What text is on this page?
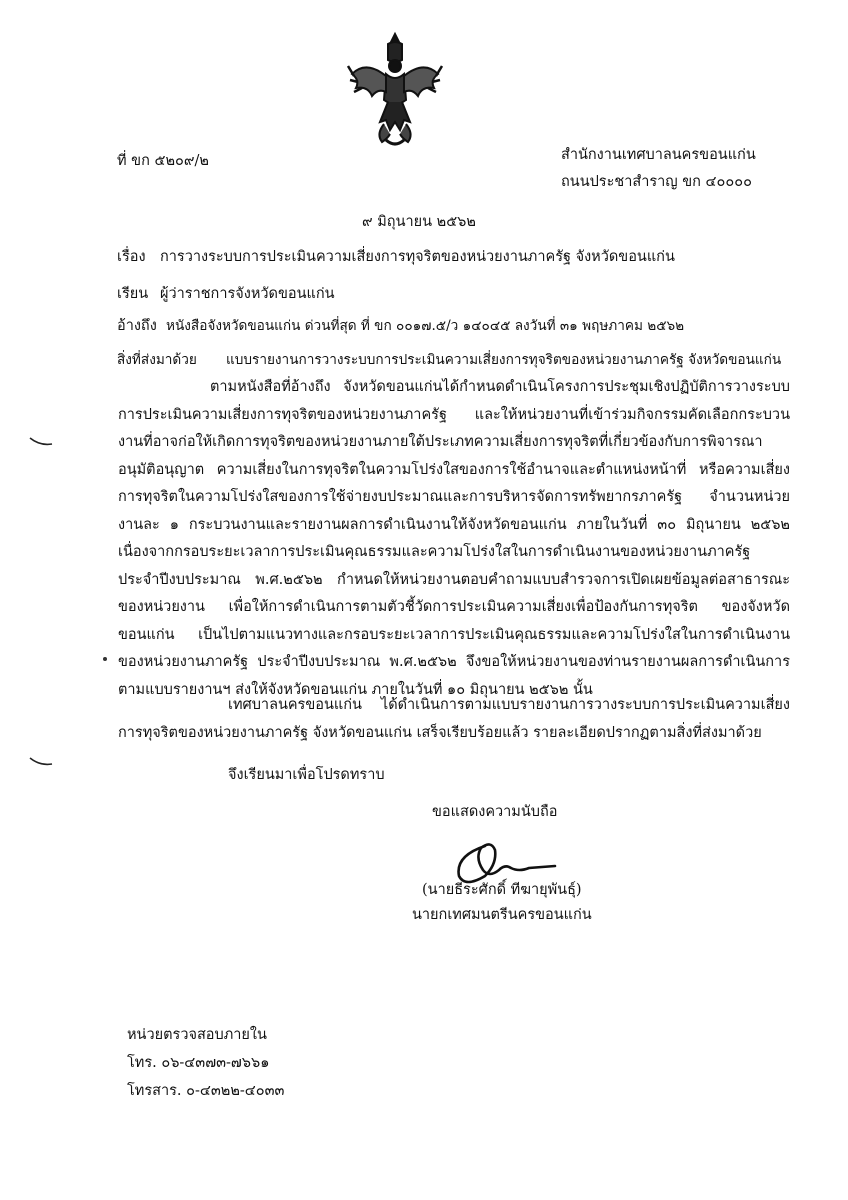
ที่ ขก ๕๒๐๙/๒	สำนักงานเทศบาลนครขอนแก่น
ถนนประชาสำราญ ขก ๔๐๐๐๐
๙ มิถุนายน ๒๕๖๒
เรื่อง การวางระบบการประเมินความเสี่ยงการทุจริตของหน่วยงานภาครัฐ จังหวัดขอนแก่น
เรียน ผู้ว่าราชการจังหวัดขอนแก่น
อ้างถึง หนังสือจังหวัดขอนแก่น ด่วนที่สุด ที่ ขก ๐๐๑๗.๕/ว ๑๔๐๔๕ ลงวันที่ ๓๑ พฤษภาคม ๒๕๖๒
สิ่งที่ส่งมาด้วย แบบรายงานการวางระบบการประเมินความเสี่ยงการทุจริตของหน่วยงานภาครัฐ จังหวัดขอนแก่น
ตามหนังสือที่อ้างถึง จังหวัดขอนแก่นได้กำหนดดำเนินโครงการประชุมเชิงปฏิบัติการวางระบบการประเมินความเสี่ยงการทุจริตของหน่วยงานภาครัฐ และให้หน่วยงานที่เข้าร่วมกิจกรรมคัดเลือกกระบวนงานที่อาจก่อให้เกิดการทุจริตของหน่วยงานภายใต้ประเภทความเสี่ยงการทุจริตที่เกี่ยวข้องกับการพิจารณาอนุมัติอนุญาต ความเสี่ยงในการทุจริตในความโปร่งใสของการใช้อำนาจและตำแหน่งหน้าที่ หรือความเสี่ยงการทุจริตในความโปร่งใสของการใช้จ่ายงบประมาณและการบริหารจัดการทรัพยากรภาครัฐ จำนวนหน่วยงานละ ๑ กระบวนงานและรายงานผลการดำเนินงานให้จังหวัดขอนแก่น ภายในวันที่ ๓๐ มิถุนายน ๒๕๖๒ เนื่องจากกรอบระยะเวลาการประเมินคุณธรรมและความโปร่งใสในการดำเนินงานของหน่วยงานภาครัฐ ประจำปีงบประมาณ พ.ศ.๒๕๖๒ กำหนดให้หน่วยงานตอบคำถามแบบสำรวจการเปิดเผยข้อมูลต่อสาธารณะของหน่วยงาน เพื่อให้การดำเนินการตามตัวชี้วัดการประเมินความเสี่ยงเพื่อป้องกันการทุจริต ของจังหวัดขอนแก่น เป็นไปตามแนวทางและกรอบระยะเวลาการประเมินคุณธรรมและความโปร่งใสในการดำเนินงานของหน่วยงานภาครัฐ ประจำปีงบประมาณ พ.ศ.๒๕๖๒ จึงขอให้หน่วยงานของท่านรายงานผลการดำเนินการตามแบบรายงานฯ ส่งให้จังหวัดขอนแก่น ภายในวันที่ ๑๐ มิถุนายน ๒๕๖๒ นั้น
เทศบาลนครขอนแก่น ได้ดำเนินการตามแบบรายงานการวางระบบการประเมินความเสี่ยงการทุจริตของหน่วยงานภาครัฐ จังหวัดขอนแก่น เสร็จเรียบร้อยแล้ว รายละเอียดปรากฏตามสิ่งที่ส่งมาด้วย
จึงเรียนมาเพื่อโปรดทราบ
ขอแสดงความนับถือ
(นายธีระศักดิ์ ทีฆายุพันธุ์)
นายกเทศมนตรีนครขอนแก่น
หน่วยตรวจสอบภายใน
โทร. ๐๖-๔๓๗๓-๗๖๖๑
โทรสาร. ๐-๔๓๒๒-๔๐๓๓
